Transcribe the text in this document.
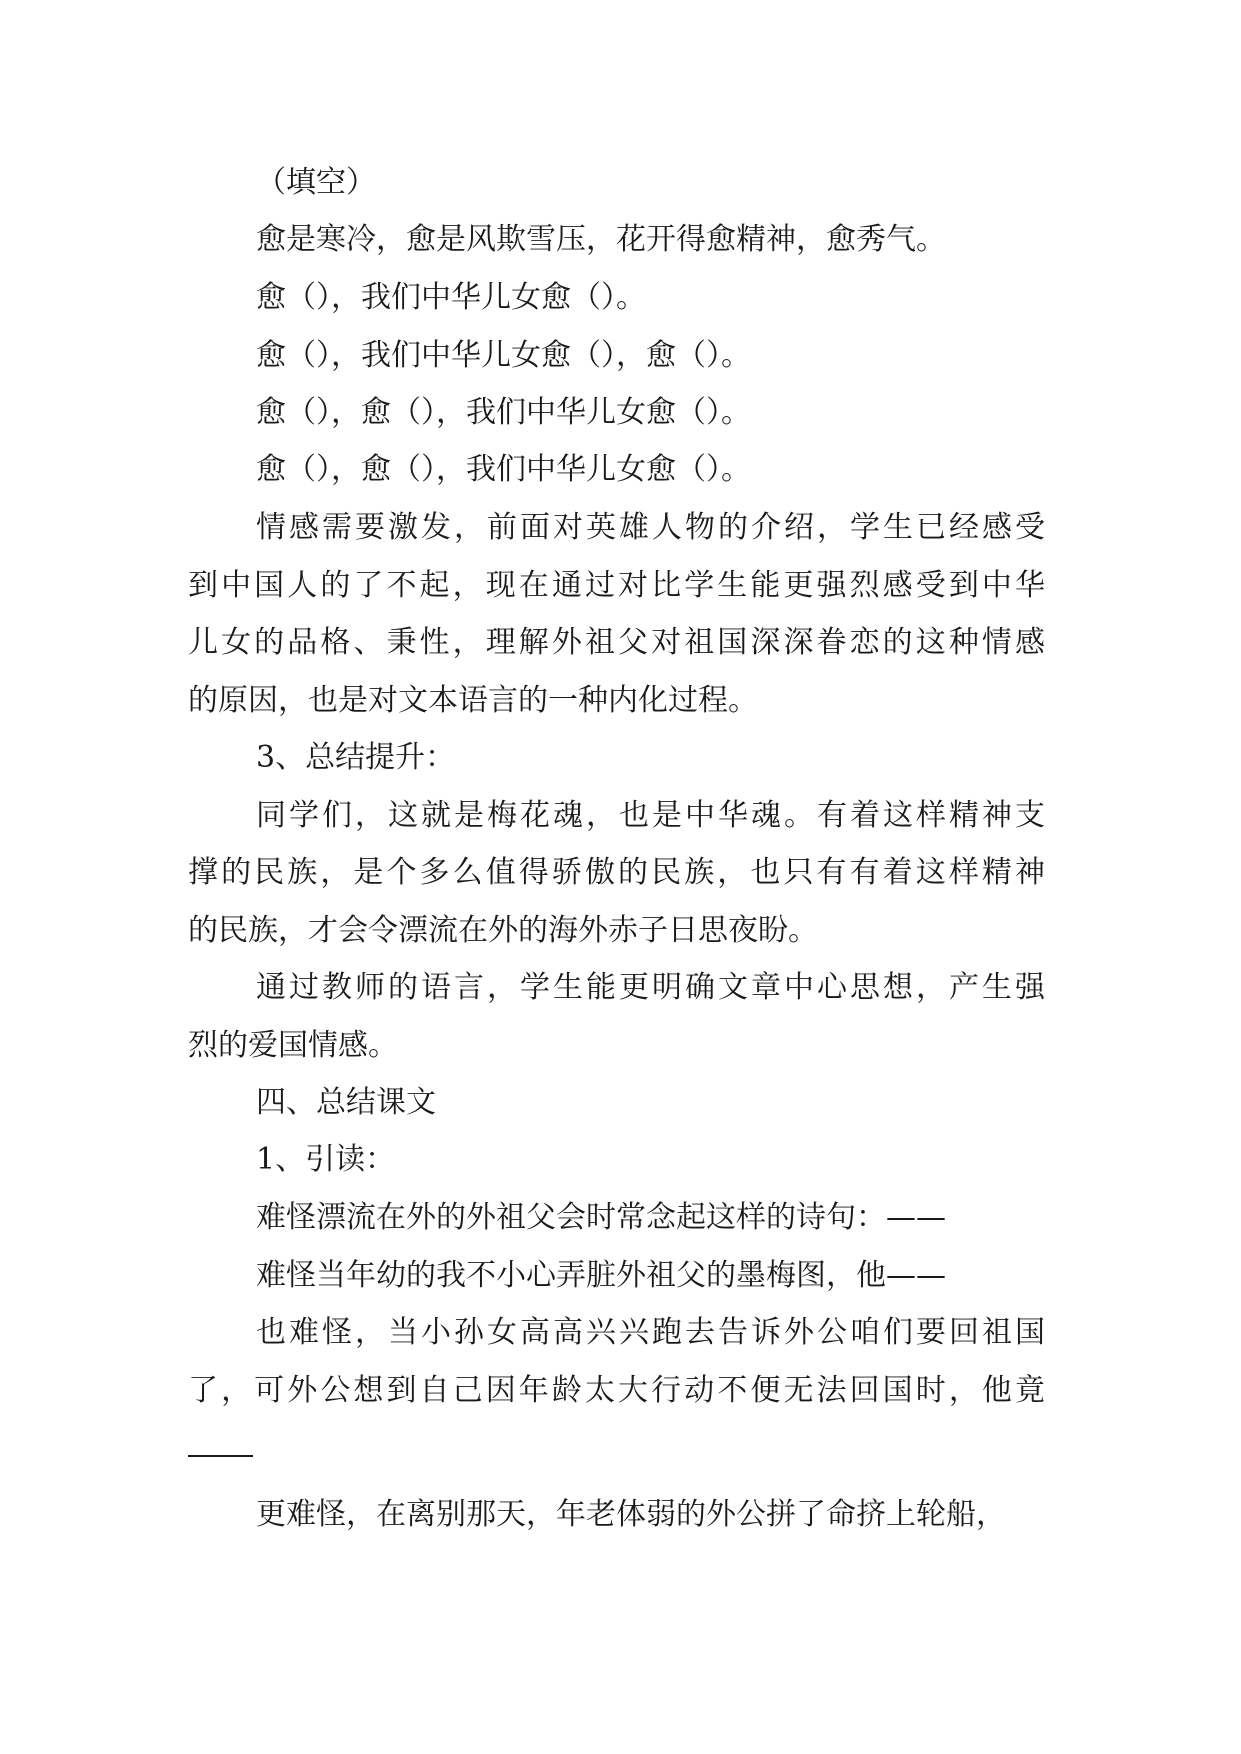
（填空）
愈是寒冷，愈是风欺雪压，花开得愈精神，愈秀气。
愈（），我们中华儿女愈（）。
愈（），我们中华儿女愈（），愈（）。
愈（），愈（），我们中华儿女愈（）。
愈（），愈（），我们中华儿女愈（）。
情感需要激发，前面对英雄人物的介绍，学生已经感受
到中国人的了不起，现在通过对比学生能更强烈感受到中华
儿女的品格、秉性，理解外祖父对祖国深深眷恋的这种情感
的原因，也是对文本语言的一种内化过程。
3、总结提升：
同学们，这就是梅花魂，也是中华魂。有着这样精神支
撑的民族，是个多么值得骄傲的民族，也只有有着这样精神
的民族，才会令漂流在外的海外赤子日思夜盼。
通过教师的语言，学生能更明确文章中心思想，产生强
烈的爱国情感。
四、总结课文
1、引读：
难怪漂流在外的外祖父会时常念起这样的诗句：——
难怪当年幼的我不小心弄脏外祖父的墨梅图，他——
也难怪，当小孙女高高兴兴跑去告诉外公咱们要回祖国
了，可外公想到自己因年龄太大行动不便无法回国时，他竟
更难怪，在离别那天，年老体弱的外公拼了命挤上轮船，
